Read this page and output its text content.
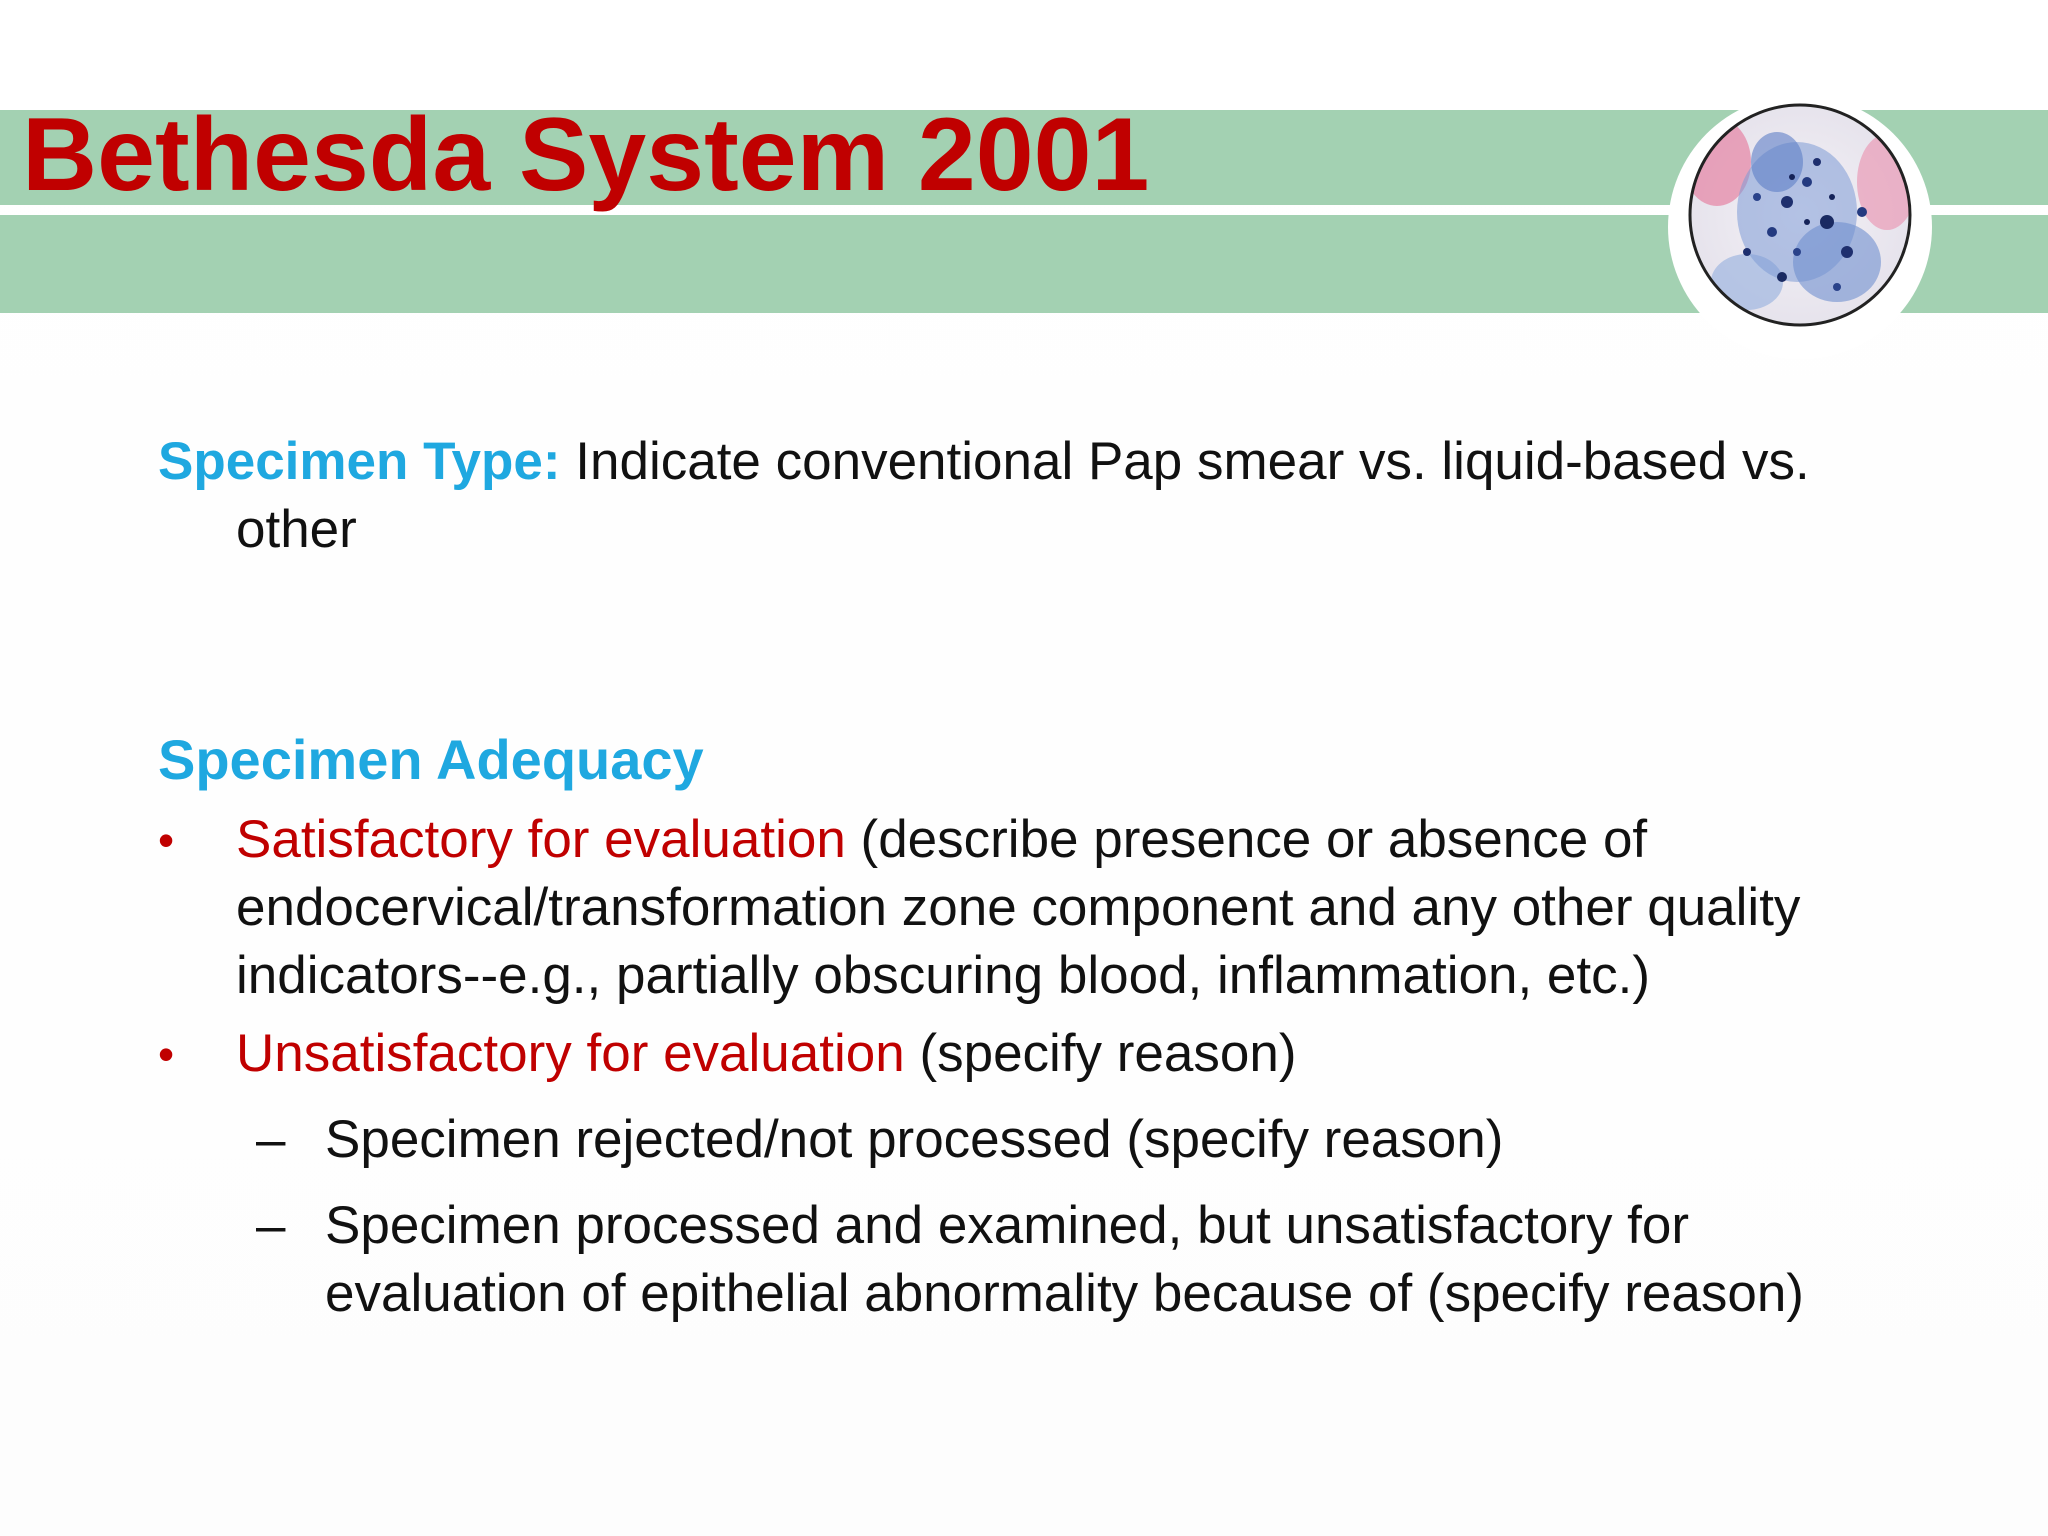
Bethesda System 2001

Specimen Type: Indicate conventional Pap smear vs. liquid-based vs. other

Specimen Adequacy

• Satisfactory for evaluation (describe presence or absence of endocervical/transformation zone component and any other quality indicators--e.g., partially obscuring blood, inflammation, etc.)
• Unsatisfactory for evaluation (specify reason)
– Specimen rejected/not processed (specify reason)
– Specimen processed and examined, but unsatisfactory for evaluation of epithelial abnormality because of (specify reason)
